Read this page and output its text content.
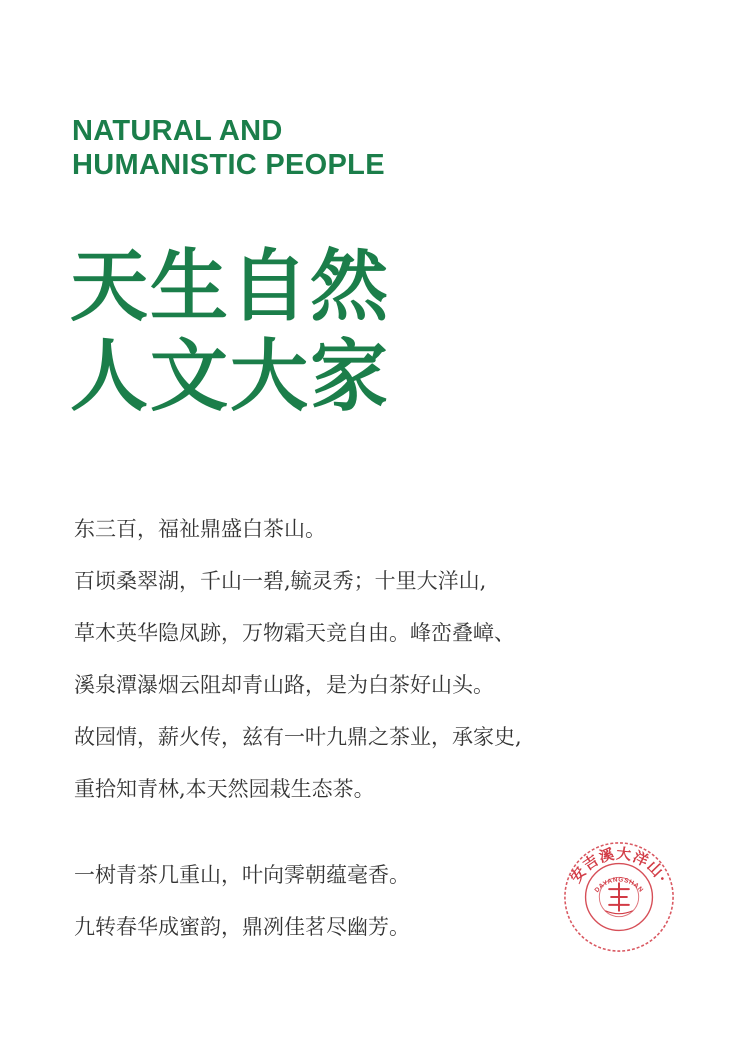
NATURAL AND
HUMANISTIC PEOPLE
天生自然
人文大家
东三百，福祉鼎盛白茶山。
百顷桑翠湖，千山一碧,毓灵秀；十里大洋山,
草木英华隐凤跡，万物霜天竞自由。峰峦叠嶂、
溪泉潭瀑烟云阻却青山路，是为白茶好山头。
故园情，薪火传，兹有一叶九鼎之茶业，承家史,
重拾知青林,本天然园栽生态茶。
一树青茶几重山，叶向霁朝蕴毫香。
九转春华成蜜韵，鼎冽佳茗尽幽芳。
安吉溪大洋山·
DAYANGSHAN
